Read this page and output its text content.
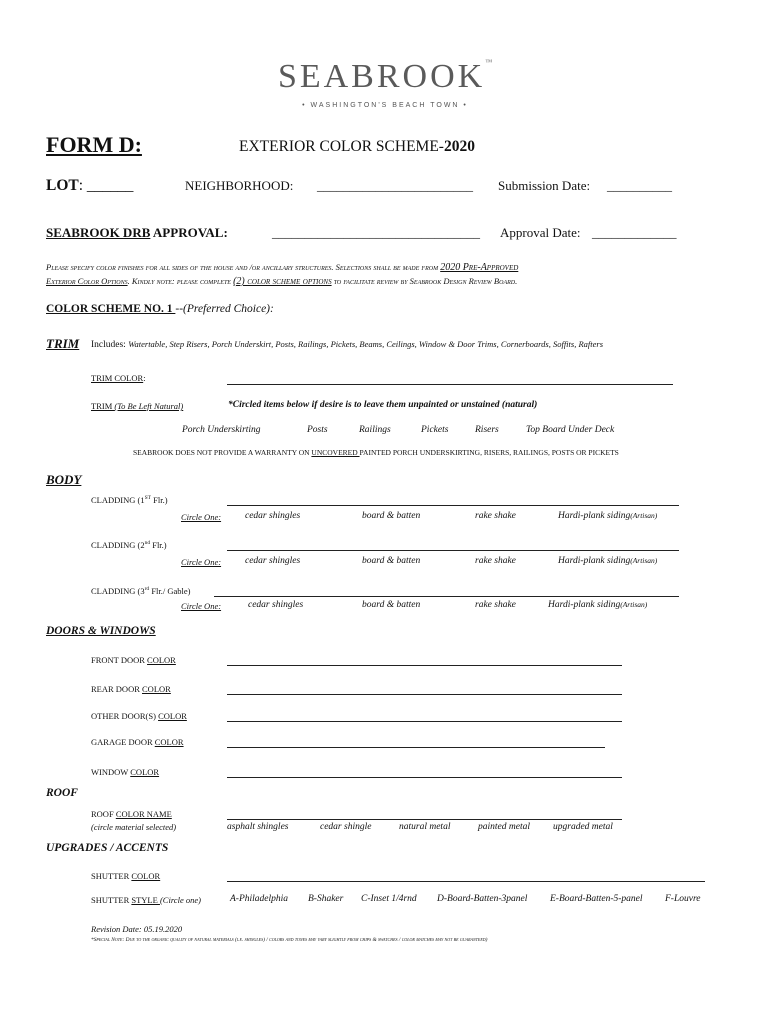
SEABROOK™
• WASHINGTON'S BEACH TOWN •
FORM D:	EXTERIOR COLOR SCHEME-2020
LOT: ______	NEIGHBORHOOD: ________________________ Submission Date: __________
SEABROOK DRB APPROVAL:	________________________________ Approval Date: _____________
Please specify color finishes for all sides of the house and /or ancillary structures. Selections shall be made from 2020 Pre-Approved
Exterior Color Options. Kindly note: please complete (2) color scheme options to facilitate review by Seabrook Design Review Board.
COLOR SCHEME NO. 1 --(Preferred Choice):
TRIM Includes: Watertable, Step Risers, Porch Underskirt, Posts, Railings, Pickets, Beams, Ceilings, Window & Door Trims, Cornerboards, Soffits, Rafters
TRIM COLOR:
TRIM (To Be Left Natural)	*Circled items below if desire is to leave them unpainted or unstained (natural)
Porch Underskirting	Posts	Railings	Pickets	Risers	Top Board Under Deck
SEABROOK DOES NOT PROVIDE A WARRANTY ON UNCOVERED PAINTED PORCH UNDERSKIRTING, RISERS, RAILINGS, POSTS OR PICKETS
BODY
CLADDING (1ST Flr.)
Circle One:	cedar shingles	board & batten	rake shake	Hardi-plank siding(Artisan)
CLADDING (2nd Flr.)
Circle One:	cedar shingles	board & batten	rake shake	Hardi-plank siding(Artisan)
CLADDING (3rd Flr./ Gable)
Circle One:	cedar shingles	board & batten	rake shake	Hardi-plank siding(Artisan)
DOORS & WINDOWS
FRONT DOOR COLOR
REAR DOOR COLOR
OTHER DOOR(S) COLOR
GARAGE DOOR COLOR
WINDOW COLOR
ROOF
ROOF COLOR NAME
(circle material selected)	asphalt shingles	cedar shingle	natural metal	painted metal upgraded metal
UPGRADES / ACCENTS
SHUTTER COLOR
SHUTTER STYLE (Circle one)	A-Philadelphia B-Shaker C-Inset 1/4rnd D-Board-Batten-3panel E-Board-Batten-5-panel F-Louvre
Revision Date: 05.19.2020
*Special Note: Due to the organic quality of natural materials (i.e. shingles) / colors and tones may vary slightly from chips & swatches / color matches may not be guaranteed)
